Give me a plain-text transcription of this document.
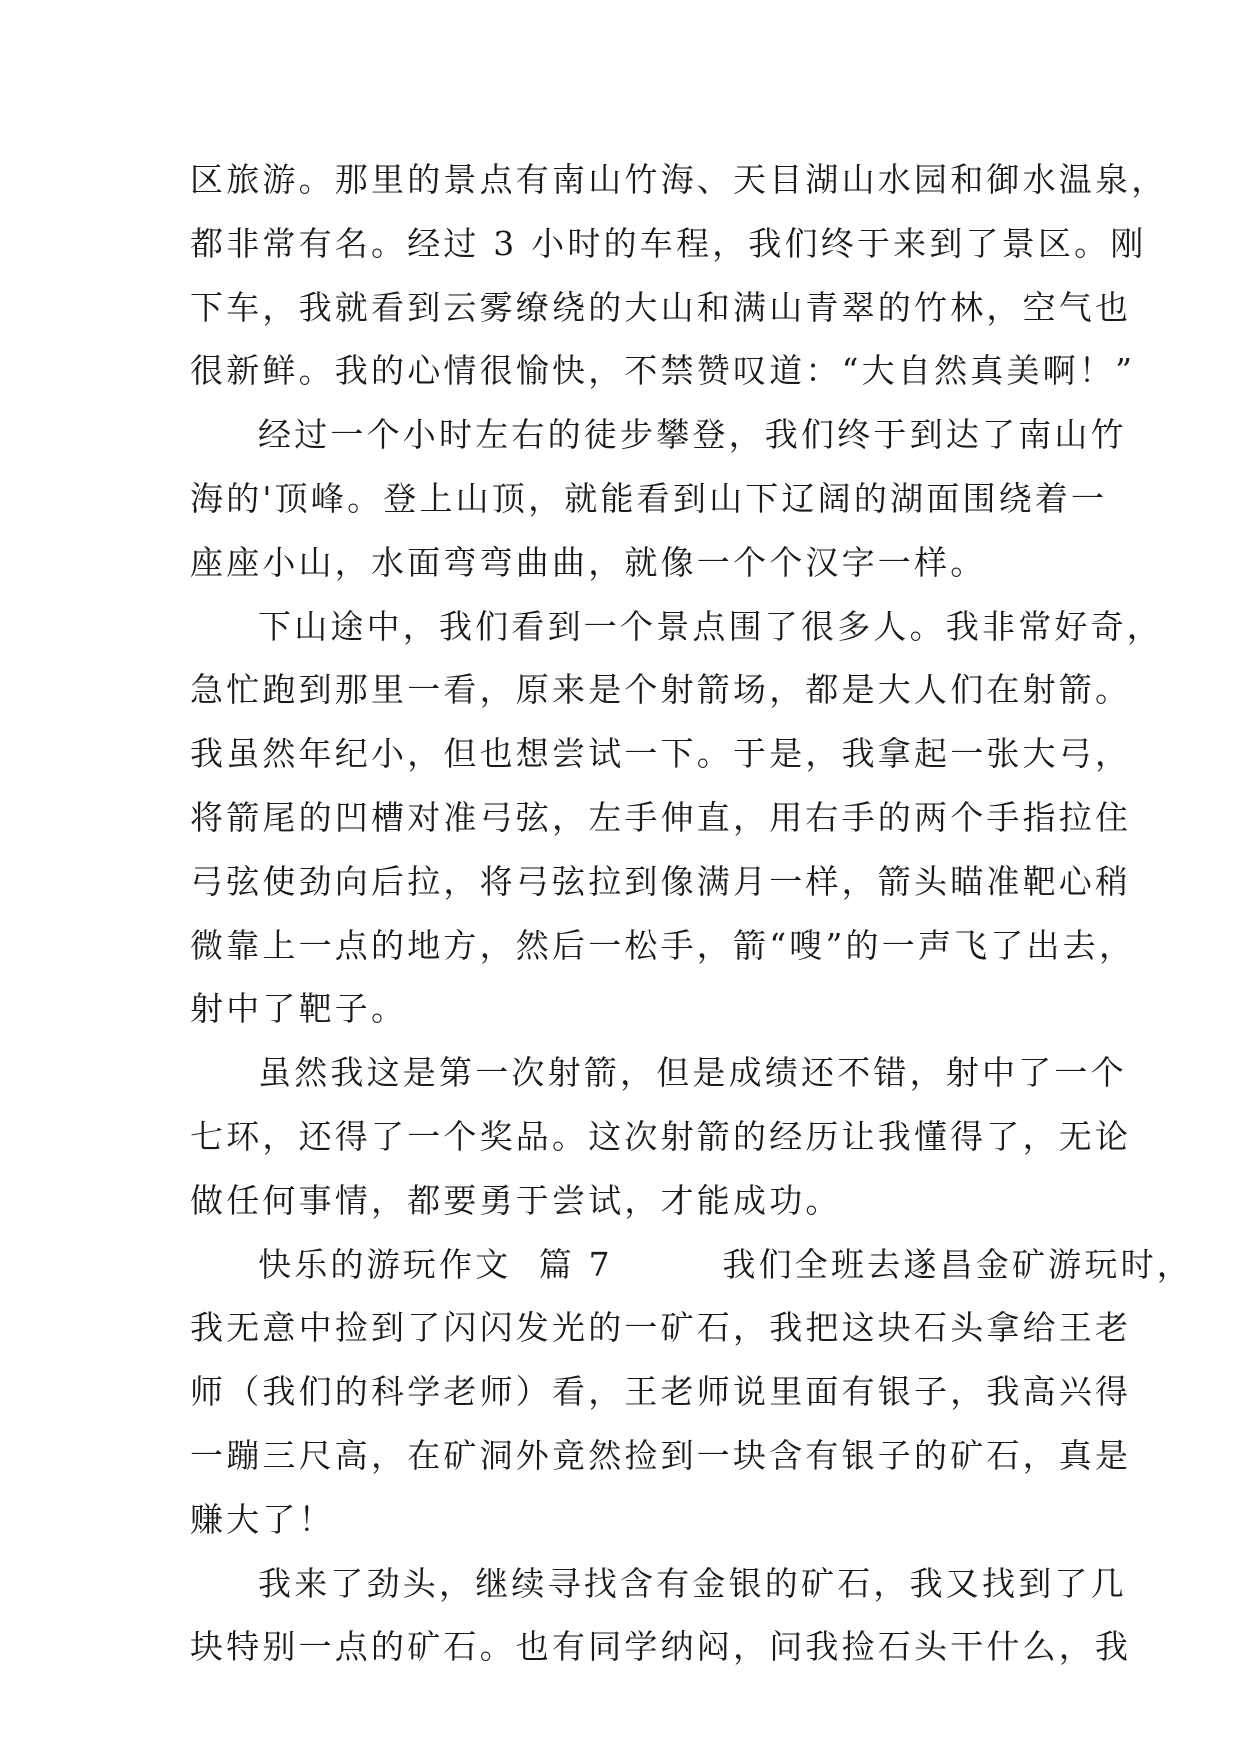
区旅游。那里的景点有南山竹海、天目湖山水园和御水温泉，
都非常有名。经过 3 小时的车程，我们终于来到了景区。刚
下车，我就看到云雾缭绕的大山和满山青翠的竹林，空气也
很新鲜。我的心情很愉快，不禁赞叹道：“大自然真美啊！”
经过一个小时左右的徒步攀登，我们终于到达了南山竹
海的'顶峰。登上山顶，就能看到山下辽阔的湖面围绕着一
座座小山，水面弯弯曲曲，就像一个个汉字一样。
下山途中，我们看到一个景点围了很多人。我非常好奇，
急忙跑到那里一看，原来是个射箭场，都是大人们在射箭。
我虽然年纪小，但也想尝试一下。于是，我拿起一张大弓，
将箭尾的凹槽对准弓弦，左手伸直，用右手的两个手指拉住
弓弦使劲向后拉，将弓弦拉到像满月一样，箭头瞄准靶心稍
微靠上一点的地方，然后一松手，箭“嗖”的一声飞了出去，
射中了靶子。
虽然我这是第一次射箭，但是成绩还不错，射中了一个
七环，还得了一个奖品。这次射箭的经历让我懂得了，无论
做任何事情，都要勇于尝试，才能成功。
快乐的游玩作文  篇 7        我们全班去遂昌金矿游玩时，
我无意中捡到了闪闪发光的一矿石，我把这块石头拿给王老
师（我们的科学老师）看，王老师说里面有银子，我高兴得
一蹦三尺高，在矿洞外竟然捡到一块含有银子的矿石，真是
赚大了！
我来了劲头，继续寻找含有金银的矿石，我又找到了几
块特别一点的矿石。也有同学纳闷，问我捡石头干什么，我
